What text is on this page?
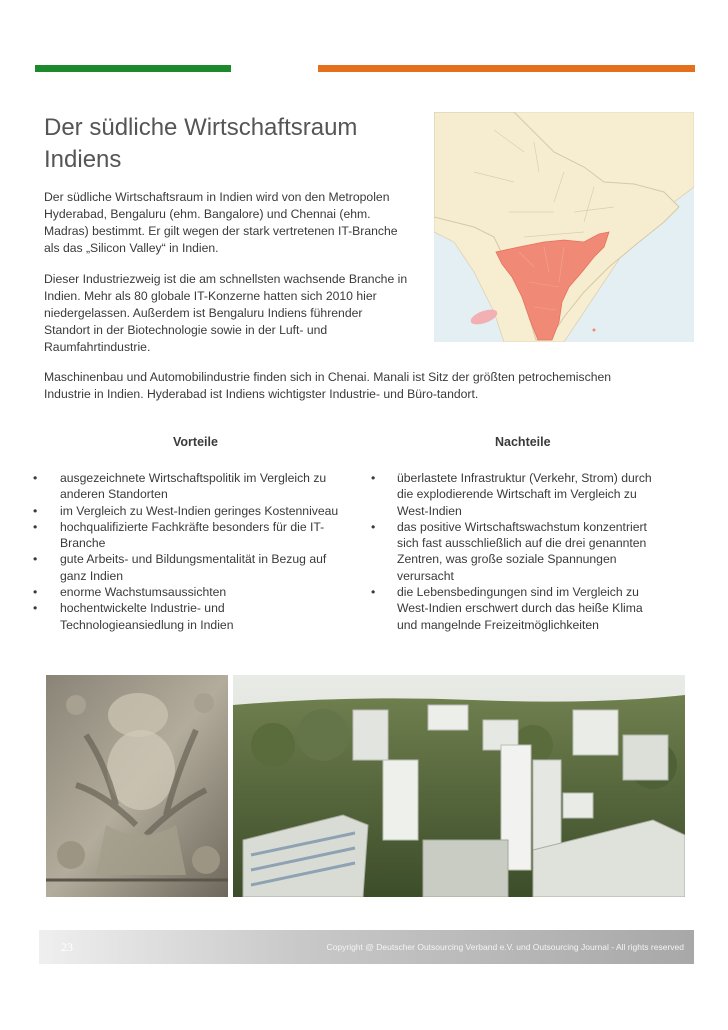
Der südliche Wirtschaftsraum
Indiens

Der südliche Wirtschaftsraum in Indien wird von den Metropolen
Hyderabad, Bengaluru (ehm. Bangalore) und Chennai (ehm.
Madras) bestimmt. Er gilt wegen der stark vertretenen IT-Branche
als das „Silicon Valley“ in Indien.

Dieser Industriezweig ist die am schnellsten wachsende Branche in
Indien. Mehr als 80 globale IT-Konzerne hatten sich 2010 hier
niedergelassen. Außerdem ist Bengaluru Indiens führender
Standort in der Biotechnologie sowie in der Luft- und
Raumfahrtindustrie.

Maschinenbau und Automobilindustrie finden sich in Chenai. Manali ist Sitz der größten petrochemischen
Industrie in Indien. Hyderabad ist Indiens wichtigster Industrie- und Büro-tandort.

Vorteile	Nachteile
• ausgezeichnete Wirtschaftspolitik im Vergleich zu
anderen Standorten
• im Vergleich zu West-Indien geringes Kostenniveau
• hochqualifizierte Fachkräfte besonders für die IT-
Branche
• gute Arbeits- und Bildungsmentalität in Bezug auf
ganz Indien
• enorme Wachstumsaussichten
• hochentwickelte Industrie- und
Technologieansiedlung in Indien
• überlastete Infrastruktur (Verkehr, Strom) durch
die explodierende Wirtschaft im Vergleich zu
West-Indien
• das positive Wirtschaftswachstum konzentriert
sich fast ausschließlich auf die drei genannten
Zentren, was große soziale Spannungen
verursacht
• die Lebensbedingungen sind im Vergleich zu
West-Indien erschwert durch das heiße Klima
und mangelnde Freizeitmöglichkeiten
23	Copyright @ Deutscher Outsourcing Verband e.V. und Outsourcing Journal - All rights reserved
